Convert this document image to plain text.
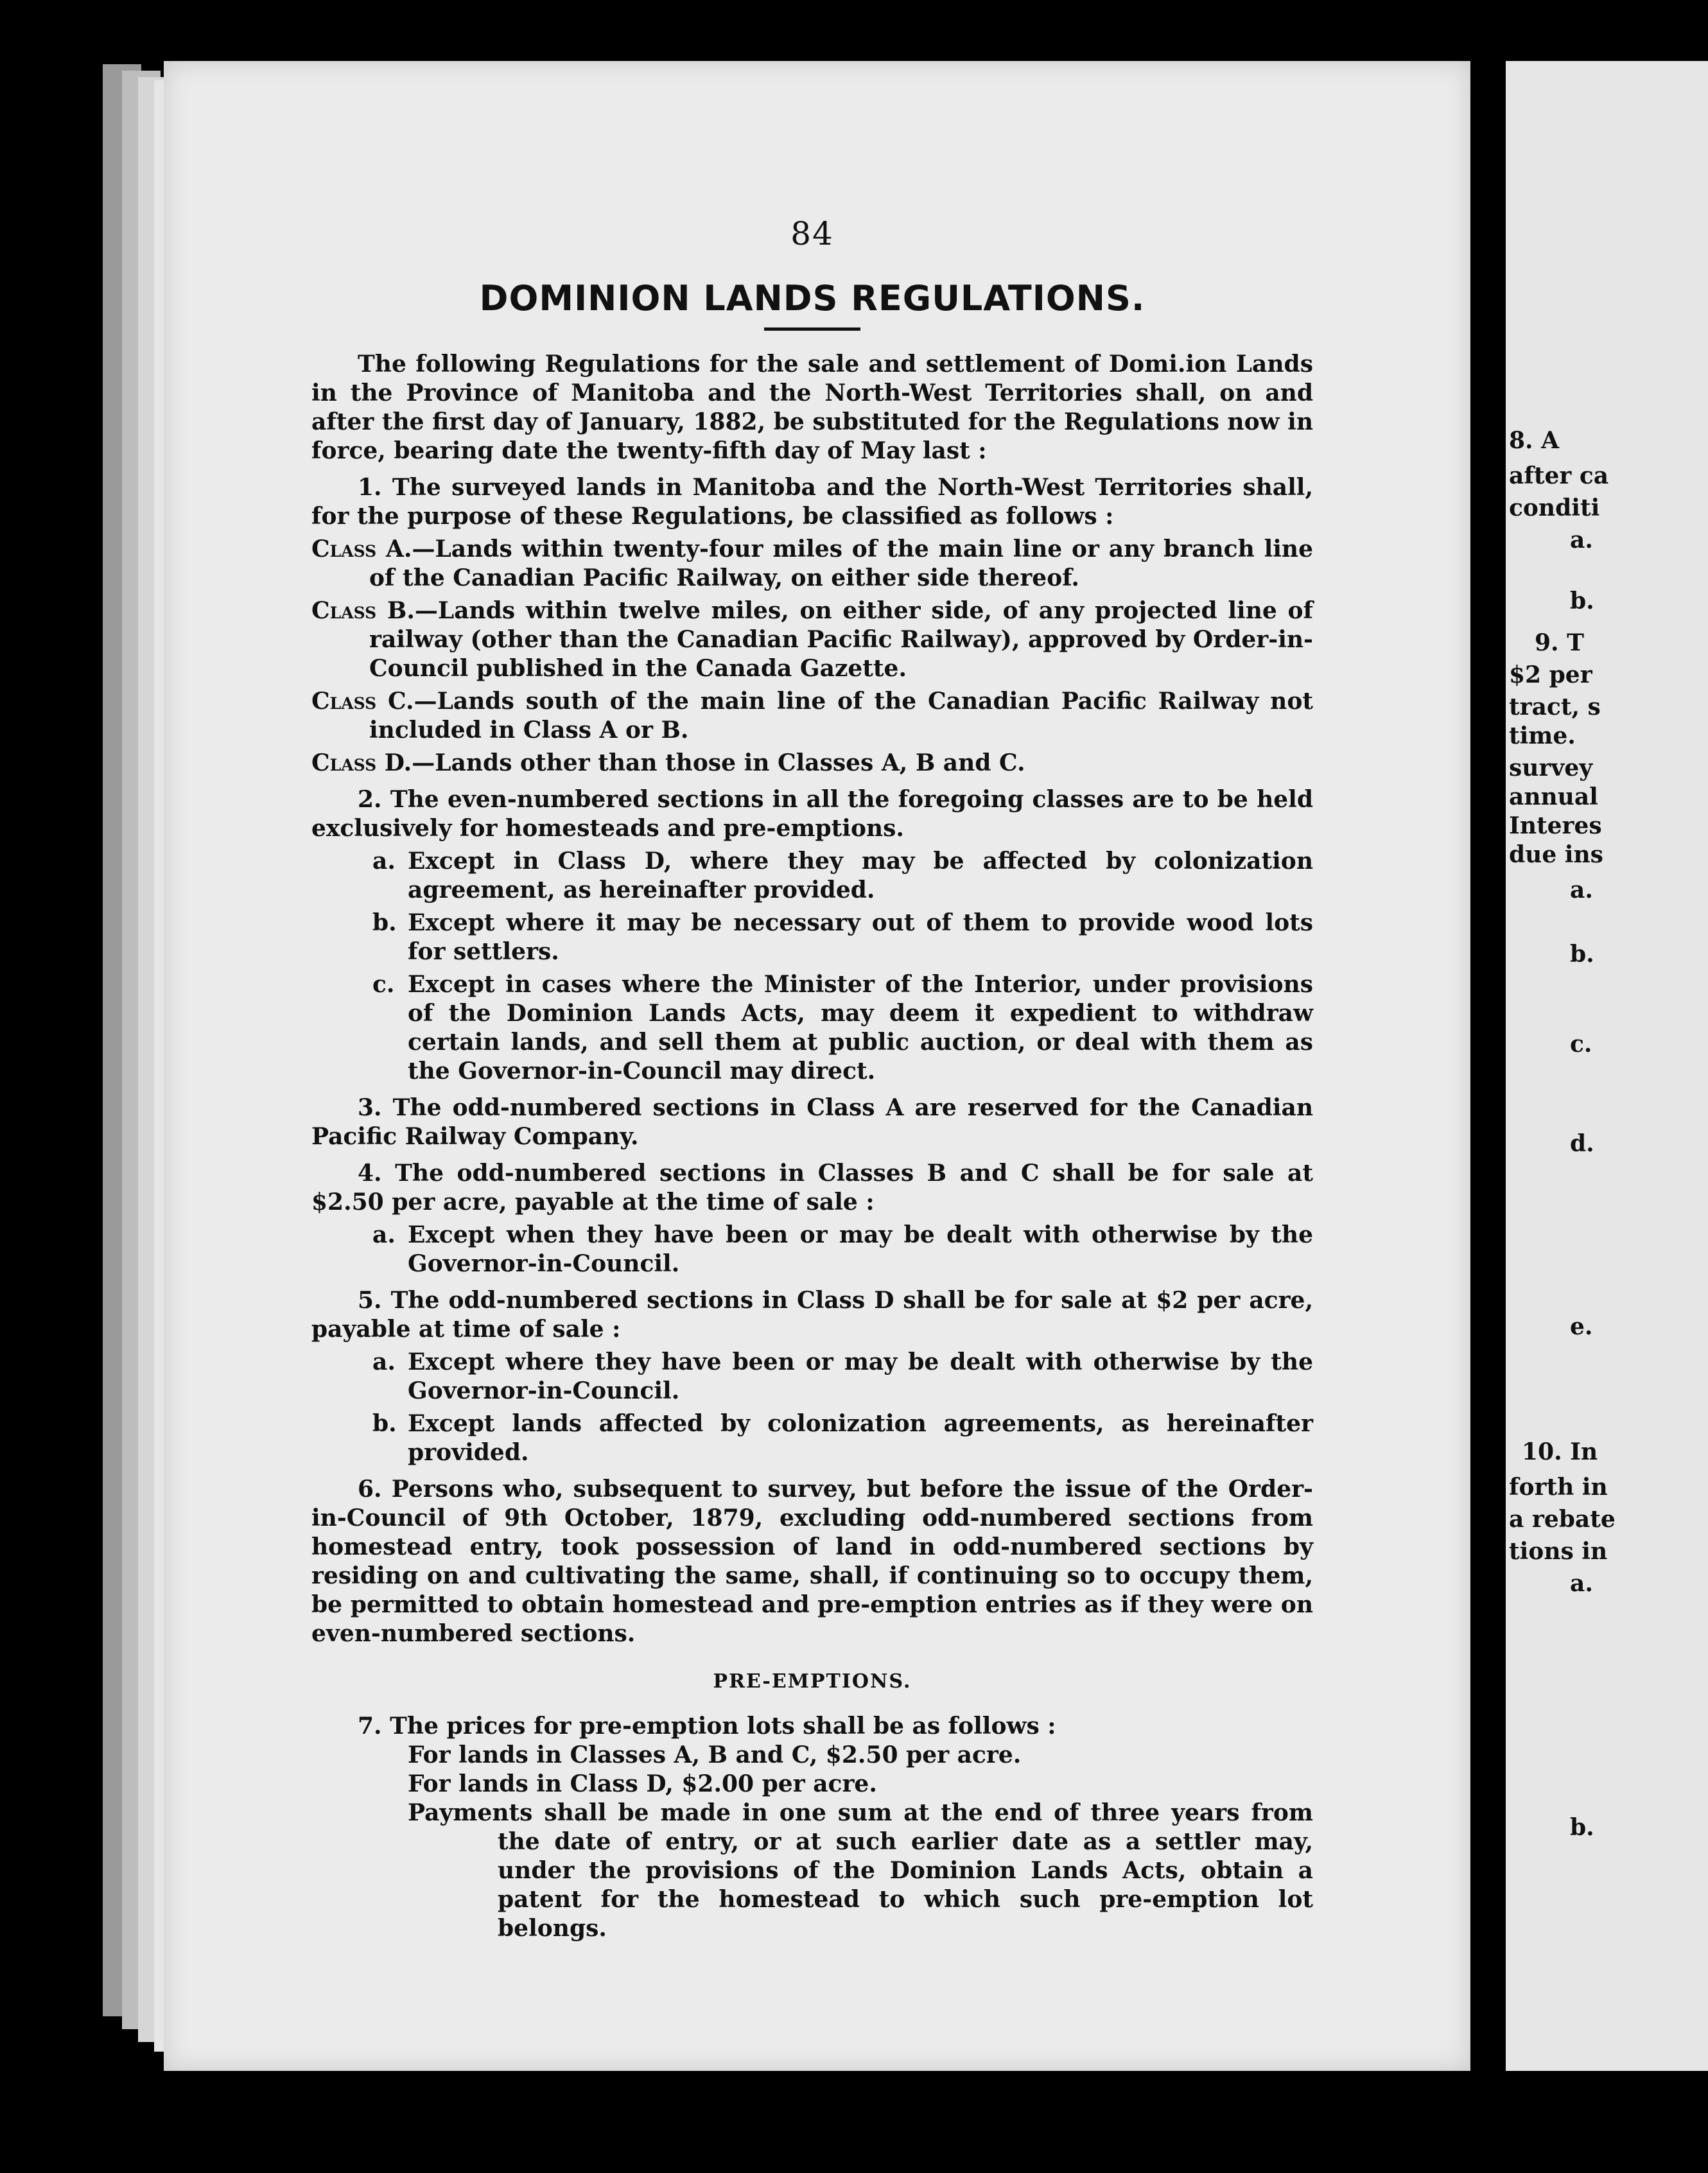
84
DOMINION LANDS REGULATIONS.

The following Regulations for the sale and settlement of Domi.ion Lands in the Province of Manitoba and the North-West Territories shall, on and after the first day of January, 1882, be substituted for the Regulations now in force, bearing date the twenty-fifth day of May last :

1. The surveyed lands in Manitoba and the North-West Territories shall, for the purpose of these Regulations, be classified as follows :

Class A.—Lands within twenty-four miles of the main line or any branch line of the Canadian Pacific Railway, on either side thereof.

Class B.—Lands within twelve miles, on either side, of any projected line of railway (other than the Canadian Pacific Railway), approved by Order-in-Council published in the Canada Gazette.

Class C.—Lands south of the main line of the Canadian Pacific Railway not included in Class A or B.

Class D.—Lands other than those in Classes A, B and C.

2. The even-numbered sections in all the foregoing classes are to be held exclusively for homesteads and pre-emptions.

a. Except in Class D, where they may be affected by colonization agreement, as hereinafter provided.

b. Except where it may be necessary out of them to provide wood lots for settlers.

c. Except in cases where the Minister of the Interior, under provisions of the Dominion Lands Acts, may deem it expedient to withdraw certain lands, and sell them at public auction, or deal with them as the Governor-in-Council may direct.

3. The odd-numbered sections in Class A are reserved for the Canadian Pacific Railway Company.

4. The odd-numbered sections in Classes B and C shall be for sale at $2.50 per acre, payable at the time of sale :

a. Except when they have been or may be dealt with otherwise by the Governor-in-Council.

5. The odd-numbered sections in Class D shall be for sale at $2 per acre, payable at time of sale :

a. Except where they have been or may be dealt with otherwise by the Governor-in-Council.

b. Except lands affected by colonization agreements, as hereinafter provided.

6. Persons who, subsequent to survey, but before the issue of the Order-in-Council of 9th October, 1879, excluding odd-numbered sections from homestead entry, took possession of land in odd-numbered sections by residing on and cultivating the same, shall, if continuing so to occupy them, be permitted to obtain homestead and pre-emption entries as if they were on even-numbered sections.

PRE-EMPTIONS.

7. The prices for pre-emption lots shall be as follows :

For lands in Classes A, B and C, $2.50 per acre.

For lands in Class D, $2.00 per acre.

Payments shall be made in one sum at the end of three years from the date of entry, or at such earlier date as a settler may, under the provisions of the Dominion Lands Acts, obtain a patent for the homestead to which such pre-emption lot belongs.

8. A
after ca
conditi
a.
b.
9. T
$2 per
tract, s
time.
survey
annual
Interes
due ins
a.
b.
c.
d.
e.
10. In
forth in
a rebate
tions in
a.
b.
